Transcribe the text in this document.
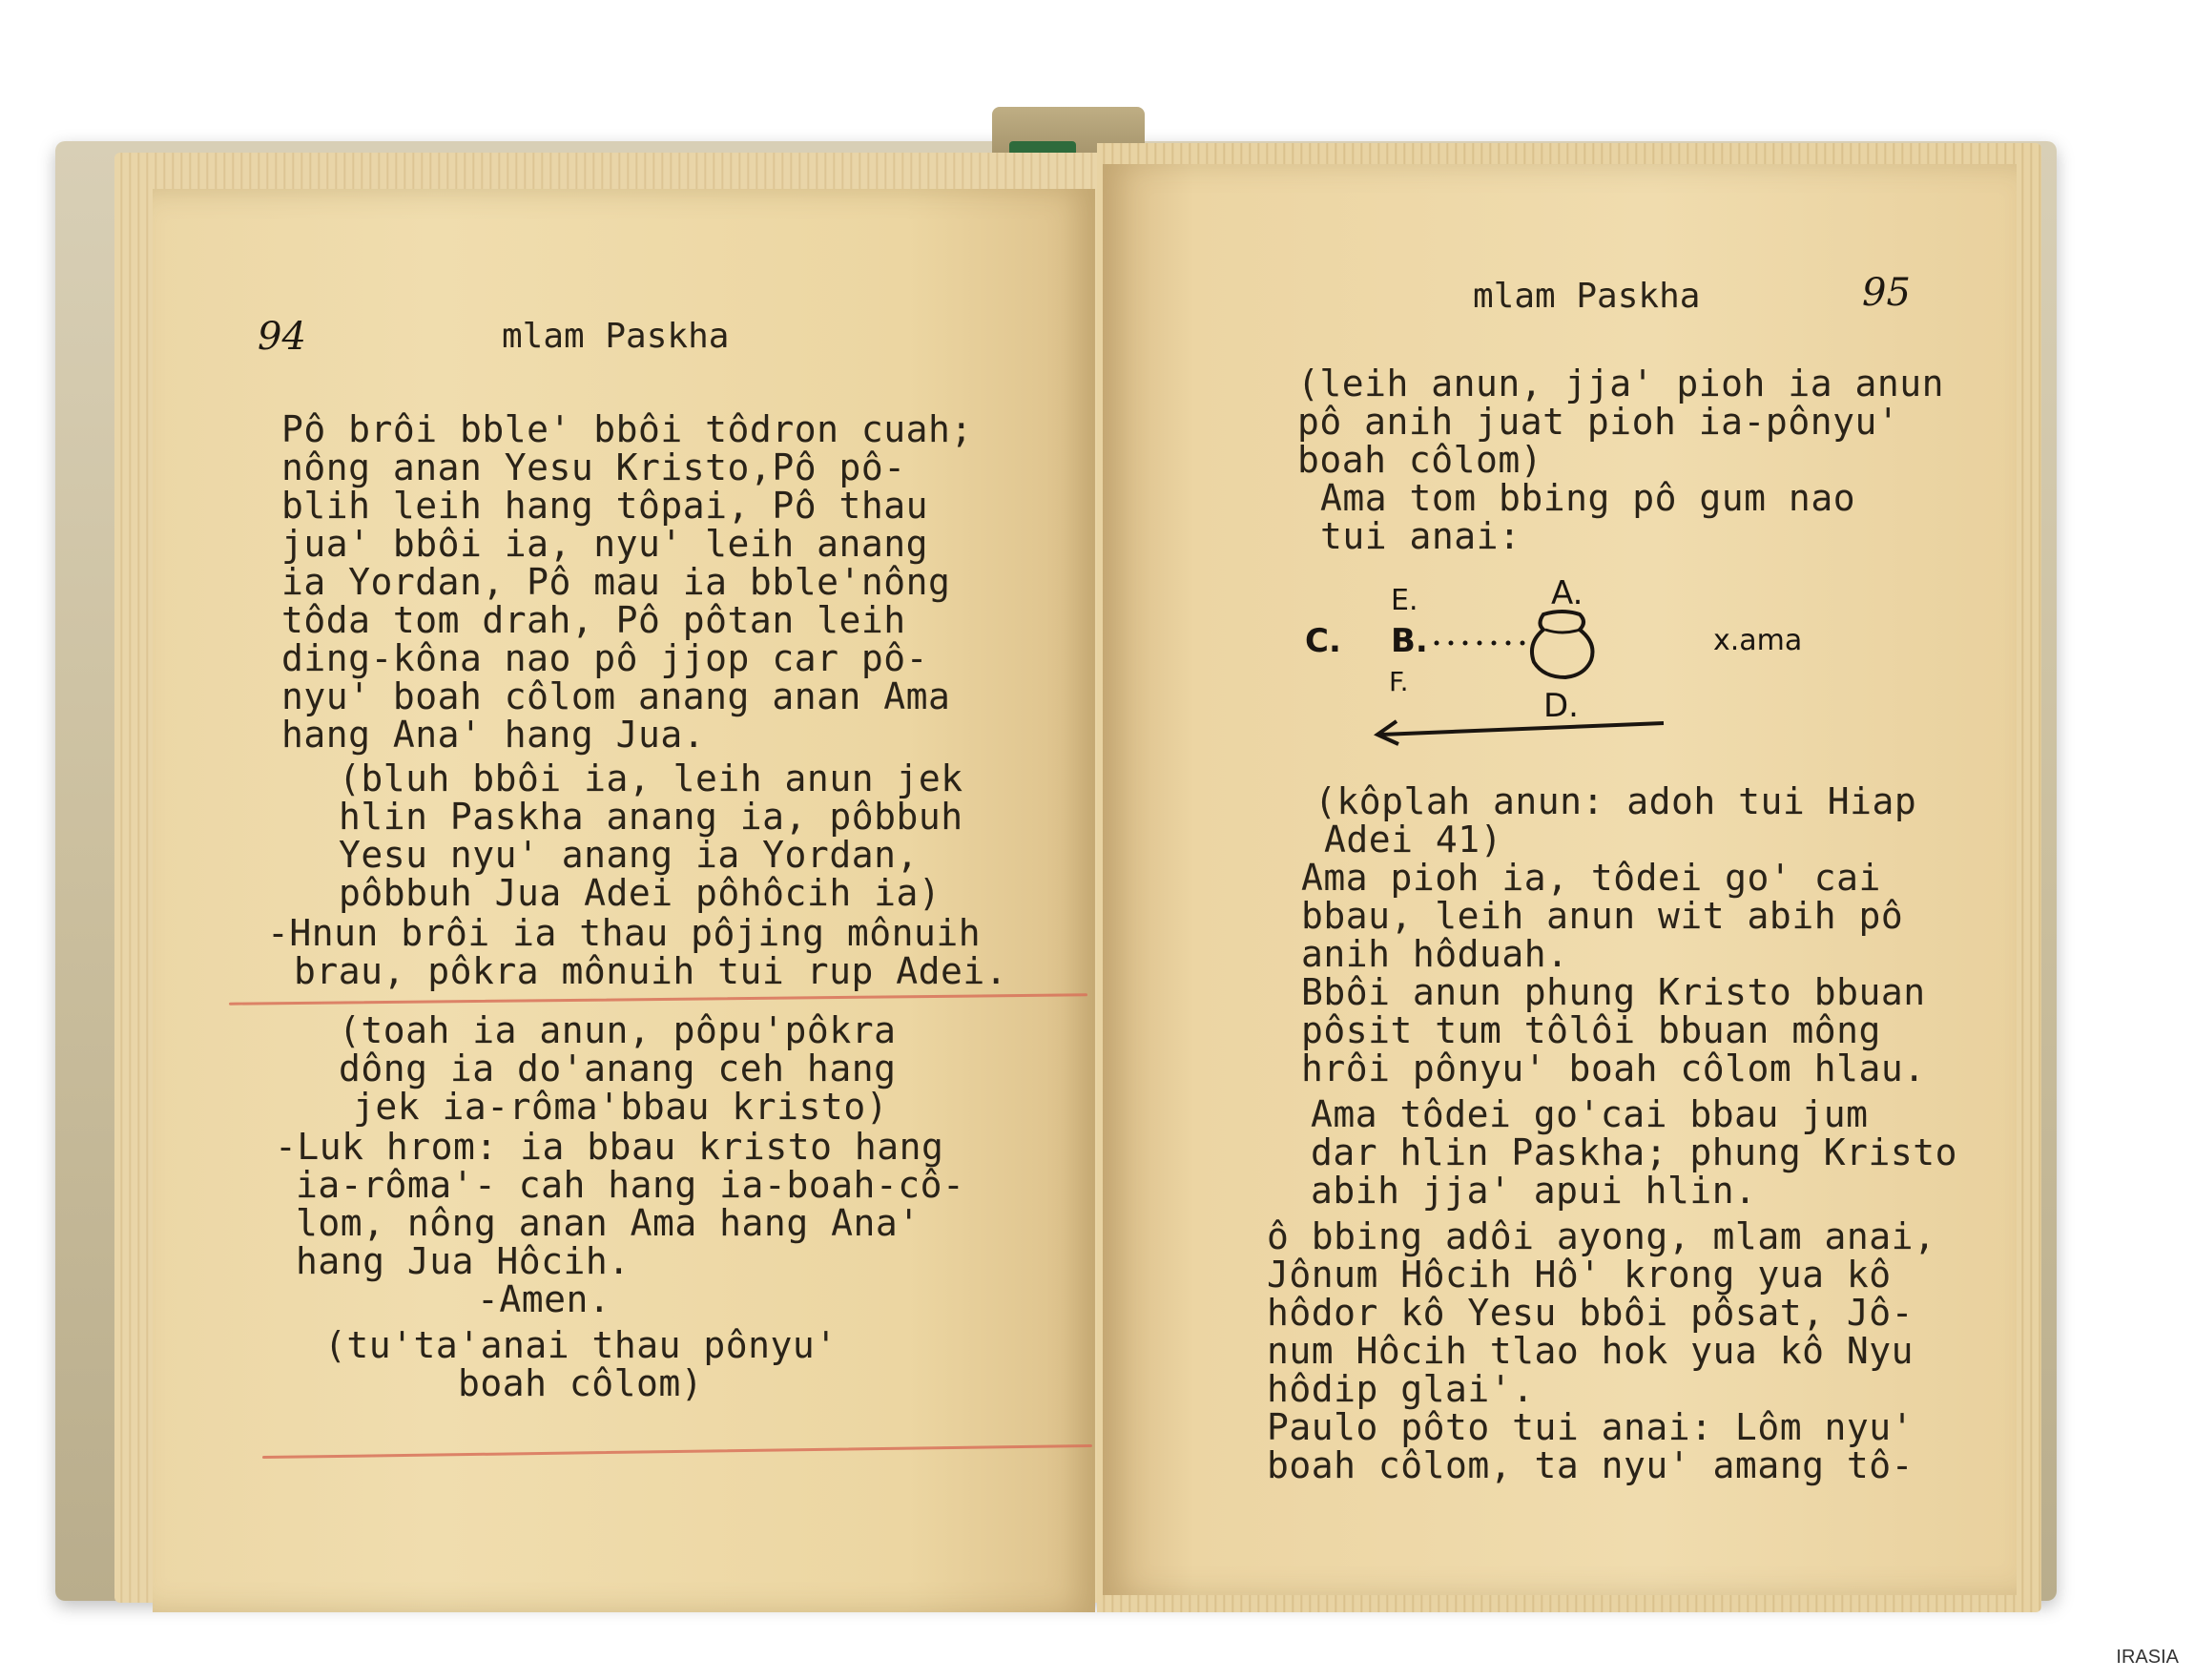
94	mlam Paskha
Pô brôi bble' bbôi tôdron cuah;
nông anan Yesu Kristo,Pô pô-
blih leih hang tôpai, Pô thau
jua' bbôi ia, nyu' leih anang
ia Yordan, Pô mau ia bble'nông
tôda tom drah, Pô pôtan leih
ding-kôna nao pô jjop car pô-
nyu' boah côlom anang anan Ama
hang Ana' hang Jua.
(bluh bbôi ia, leih anun jek
hlin Paskha anang ia, pôbbuh
Yesu nyu' anang ia Yordan,
pôbbuh Jua Adei pôhôcih ia)
-Hnun brôi ia thau pôjing mônuih
brau, pôkra mônuih tui rup Adei.
(toah ia anun, pôpu'pôkra
dông ia do'anang ceh hang
jek ia-rôma'bbau kristo)
-Luk hrom: ia bbau kristo hang
ia-rôma'- cah hang ia-boah-cô-
lom, nông anan Ama hang Ana'
hang Jua Hôcih.
-Amen.
(tu'ta'anai thau pônyu'
boah côlom)
mlam Paskha	95
(leih anun, jja' pioh ia anun
pô anih juat pioh ia-pônyu'
boah côlom)
Ama tom bbing pô gum nao
tui anai:
A.
E.
C. B.
F.
x.ama
D.
(kôplah anun: adoh tui Hiap
Adei 41)
Ama pioh ia, tôdei go' cai
bbau, leih anun wit abih pô
anih hôduah.
Bbôi anun phung Kristo bbuan
pôsit tum tôlôi bbuan mông
hrôi pônyu' boah côlom hlau.
Ama tôdei go'cai bbau jum
dar hlin Paskha; phung Kristo
abih jja' apui hlin.
ô bbing adôi ayong, mlam anai,
Jônum Hôcih Hô' krong yua kô
hôdor kô Yesu bbôi pôsat, Jô-
num Hôcih tlao hok yua kô Nyu
hôdip glai'.
Paulo pôto tui anai: Lôm nyu'
boah côlom, ta nyu' amang tô-
IRASIA
